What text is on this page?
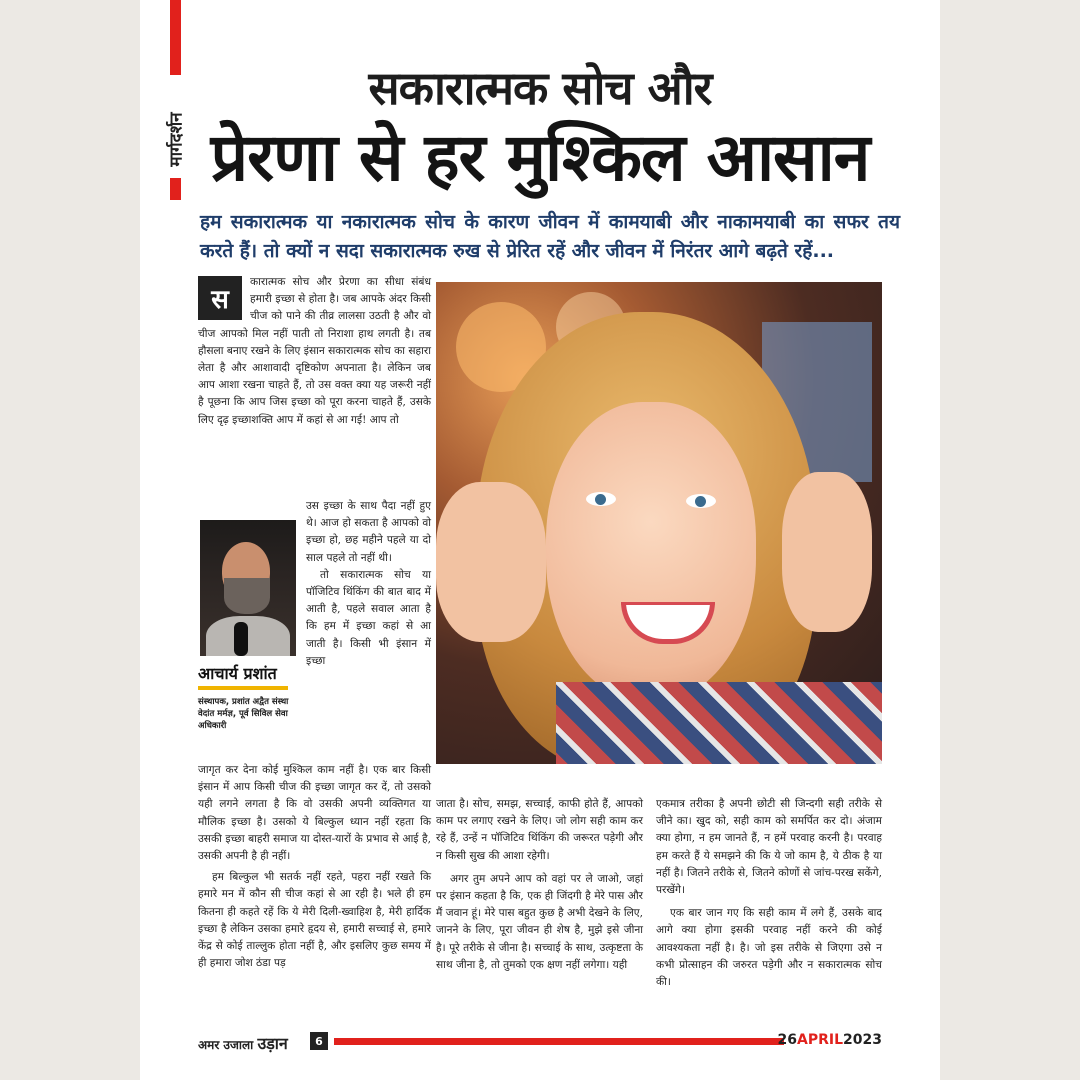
मार्गदर्शन
सकारात्मक सोच और
प्रेरणा से हर मुश्किल आसान
हम सकारात्मक या नकारात्मक सोच के कारण जीवन में कामयाबी और नाकामयाबी का सफर तय करते हैं। तो क्यों न सदा सकारात्मक रुख से प्रेरित रहें और जीवन में निरंतर आगे बढ़ते रहें...
स

कारात्मक सोच और प्रेरणा का सीधा संबंध हमारी इच्छा से होता है। जब आपके अंदर किसी चीज को पाने की तीव्र लालसा उठती है और वो चीज आपको मिल नहीं पाती तो निराशा हाथ लगती है। तब हौसला बनाए रखने के लिए इंसान सकारात्मक सोच का सहारा लेता है और आशावादी दृष्टिकोण अपनाता है। लेकिन जब आप आशा रखना चाहते हैं, तो उस वक्त क्या यह जरूरी नहीं है पूछना कि आप जिस इच्छा को पूरा करना चाहते हैं, उसके लिए दृढ़ इच्छाशक्ति आप में कहां से आ गई! आप तो

आचार्य प्रशांत
संस्थापक, प्रशांत अद्वैत संस्था वेदांत मर्मज्ञ, पूर्व सिविल सेवा अधिकारी

उस इच्छा के साथ पैदा नहीं हुए थे। आज हो सकता है आपको वो इच्छा हो, छह महीने पहले या दो साल पहले तो नहीं थी।

तो सकारात्मक सोच या पॉजिटिव थिंकिंग की बात बाद में आती है, पहले सवाल आता है कि हम में इच्छा कहां से आ जाती है। किसी भी इंसान में इच्छा

जागृत कर देना कोई मुश्किल काम नहीं है। एक बार किसी इंसान में आप किसी चीज की इच्छा जागृत कर दें, तो उसको यही लगने लगता है कि वो उसकी अपनी व्यक्तिगत या मौलिक इच्छा है। उसको ये बिल्कुल ध्यान नहीं रहता कि उसकी इच्छा बाहरी समाज या दोस्त-यारों के प्रभाव से आई है, उसकी अपनी है ही नहीं।

हम बिल्कुल भी सतर्क नहीं रहते, पहरा नहीं रखते कि हमारे मन में कौन सी चीज कहां से आ रही है। भले ही हम कितना ही कहते रहें कि ये मेरी दिली-ख्वाहिश है, मेरी हार्दिक इच्छा है लेकिन उसका हमारे हृदय से, हमारी सच्चाई से, हमारे केंद्र से कोई ताल्लुक होता नहीं है, और इसलिए कुछ समय में ही हमारा जोश ठंडा पड़

जाता है। सोच, समझ, सच्चाई, काफी होते हैं, आपको काम पर लगाए रखने के लिए। जो लोग सही काम कर रहे हैं, उन्हें न पॉजिटिव थिंकिंग की जरूरत पड़ेगी और न किसी सुख की आशा रहेगी।

अगर तुम अपने आप को वहां पर ले जाओ, जहां पर इंसान कहता है कि, एक ही जिंदगी है मेरे पास और मैं जवान हूं। मेरे पास बहुत कुछ है अभी देखने के लिए, जानने के लिए, पूरा जीवन ही शेष है, मुझे इसे जीना है। पूरे तरीके से जीना है। सच्चाई के साथ, उत्कृष्टता के साथ जीना है, तो तुमको एक क्षण नहीं लगेगा। यही

एकमात्र तरीका है अपनी छोटी सी जिन्दगी सही तरीके से जीने का। खुद को, सही काम को समर्पित कर दो। अंजाम क्या होगा, न हम जानते हैं, न हमें परवाह करनी है। परवाह हम करते हैं ये समझने की कि ये जो काम है, ये ठीक है या नहीं है। जितने तरीके से, जितने कोणों से जांच-परख सकेंगे, परखेंगे।

एक बार जान गए कि सही काम में लगे हैं, उसके बाद आगे क्या होगा इसकी परवाह नहीं करने की कोई आवश्यकता नहीं है। है। जो इस तरीके से जिएगा उसे न कभी प्रोत्साहन की जरुरत पड़ेगी और न सकारात्मक सोच की।

अमर उजाला उड़ान	6	26APRIL2023
